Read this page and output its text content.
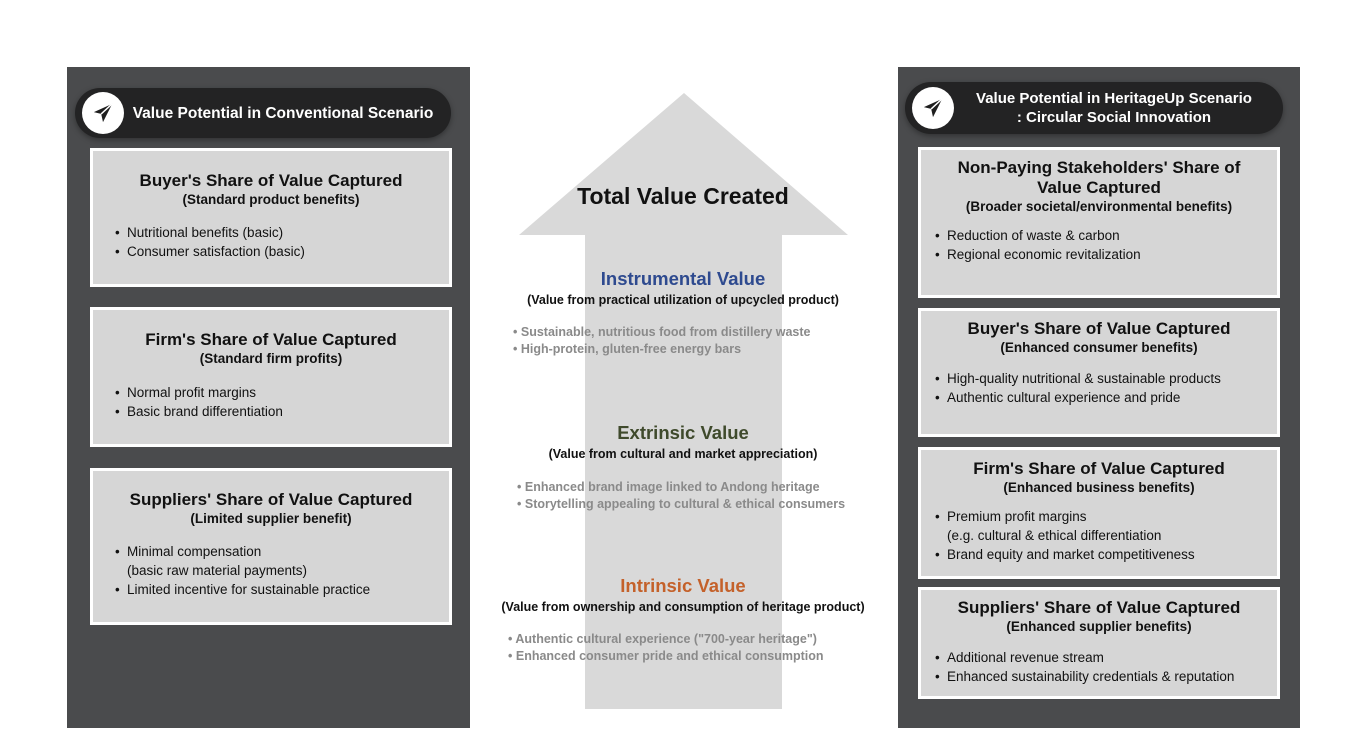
Value Potential in Conventional Scenario
Buyer's Share of Value Captured
(Standard product benefits)
• Nutritional benefits (basic)
• Consumer satisfaction (basic)
Firm's Share of Value Captured
(Standard firm profits)
• Normal profit margins
• Basic brand differentiation
Suppliers' Share of Value Captured
(Limited supplier benefit)
• Minimal compensation
(basic raw material payments)
• Limited incentive for sustainable practice
Total Value Created
Instrumental Value
(Value from practical utilization of upcycled product)
• Sustainable, nutritious food from distillery waste
• High-protein, gluten-free energy bars
Extrinsic Value
(Value from cultural and market appreciation)
• Enhanced brand image linked to Andong heritage
• Storytelling appealing to cultural & ethical consumers
Intrinsic Value
(Value from ownership and consumption of heritage product)
• Authentic cultural experience ("700-year heritage")
• Enhanced consumer pride and ethical consumption
Value Potential in HeritageUp Scenario
: Circular Social Innovation
Non-Paying Stakeholders' Share of Value Captured
(Broader societal/environmental benefits)
• Reduction of waste & carbon
• Regional economic revitalization
Buyer's Share of Value Captured
(Enhanced consumer benefits)
• High-quality nutritional & sustainable products
• Authentic cultural experience and pride
Firm's Share of Value Captured
(Enhanced business benefits)
• Premium profit margins
(e.g. cultural & ethical differentiation
• Brand equity and market competitiveness
Suppliers' Share of Value Captured
(Enhanced supplier benefits)
• Additional revenue stream
• Enhanced sustainability credentials & reputation
